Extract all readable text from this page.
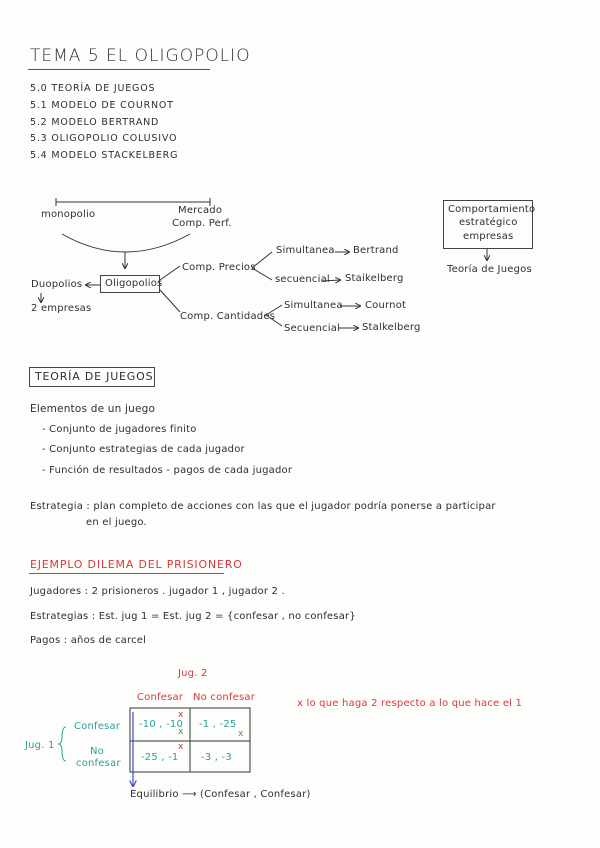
TEMA 5 EL OLIGOPOLIO
5.0 TEORÍA DE JUEGOS
5.1 MODELO DE COURNOT
5.2 MODELO BERTRAND
5.3 OLIGOPOLIO COLUSIVO
5.4 MODELO STACKELBERG
monopolio	Mercado
Comp. Perf.
Oligopolios
Duopolios
2 empresas
Comp. Precios
Comp. Cantidades
Simultanea
secuencial
Bertrand
Staikelberg
Simultanea
Secuencial
Cournot
Stalkelberg
Comportamiento
estratégico
empresas
Teoría de Juegos
TEORÍA DE JUEGOS
Elementos de un juego
- Conjunto de jugadores finito
- Conjunto estrategias de cada jugador
- Función de resultados - pagos de cada jugador
Estrategia : plan completo de acciones con las que el jugador podría ponerse a participar
en el juego.
EJEMPLO DILEMA DEL PRISIONERO
Jugadores : 2 prisioneros . jugador 1 , jugador 2 .
Estrategias : Est. jug 1 = Est. jug 2 = {confesar , no confesar}
Pagos : años de carcel
Jug. 2
Confesar No confesar
Jug. 1
Confesar
No
confesar
-10 , -10 -1 , -25
-25 , -1 -3 , -3
x
x	x
x
x lo que haga 2 respecto a lo que hace el 1
Equilibrio ⟶ (Confesar , Confesar)
